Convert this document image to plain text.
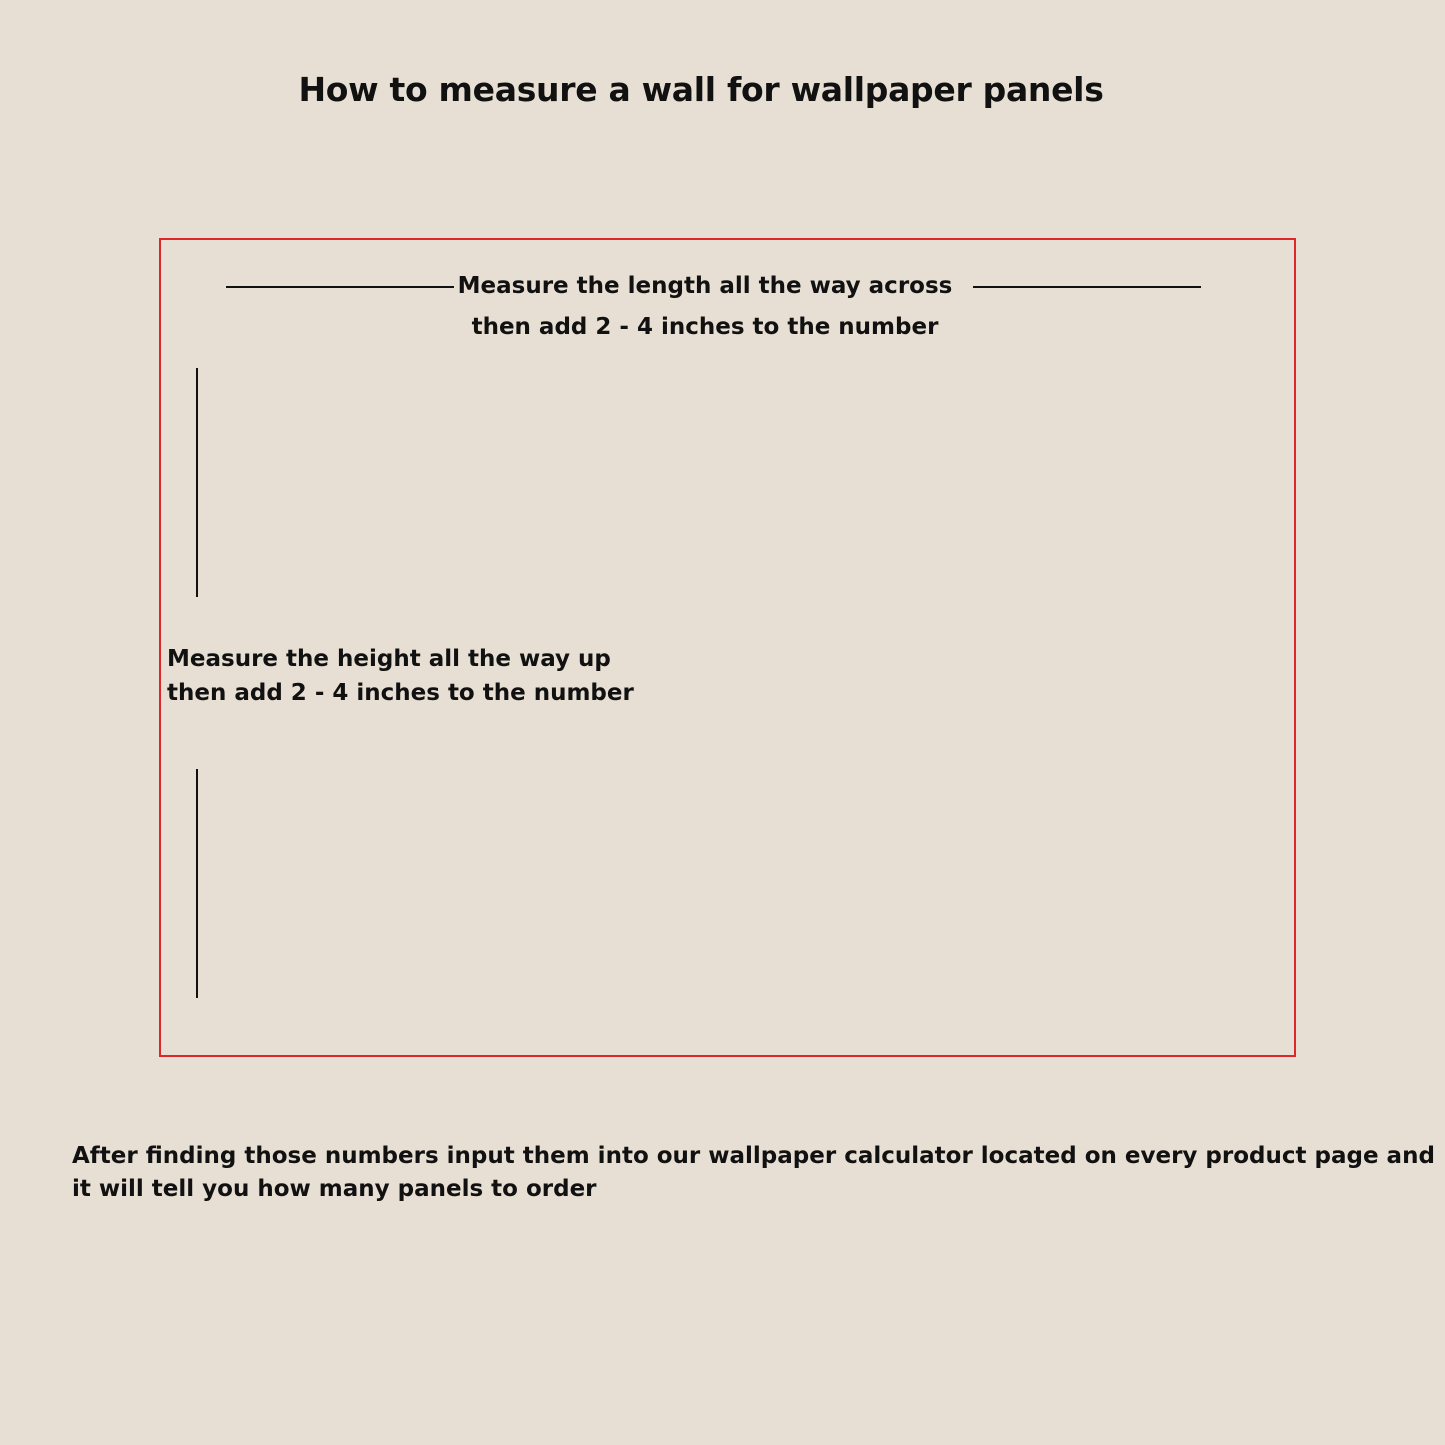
How to measure a wall for wallpaper panels
Measure the length all the way across
then add 2 - 4 inches to the number
Measure the height all the way up
then add 2 - 4 inches to the number
After finding those numbers input them into our wallpaper calculator located on every product page and
it will tell you how many panels to order
